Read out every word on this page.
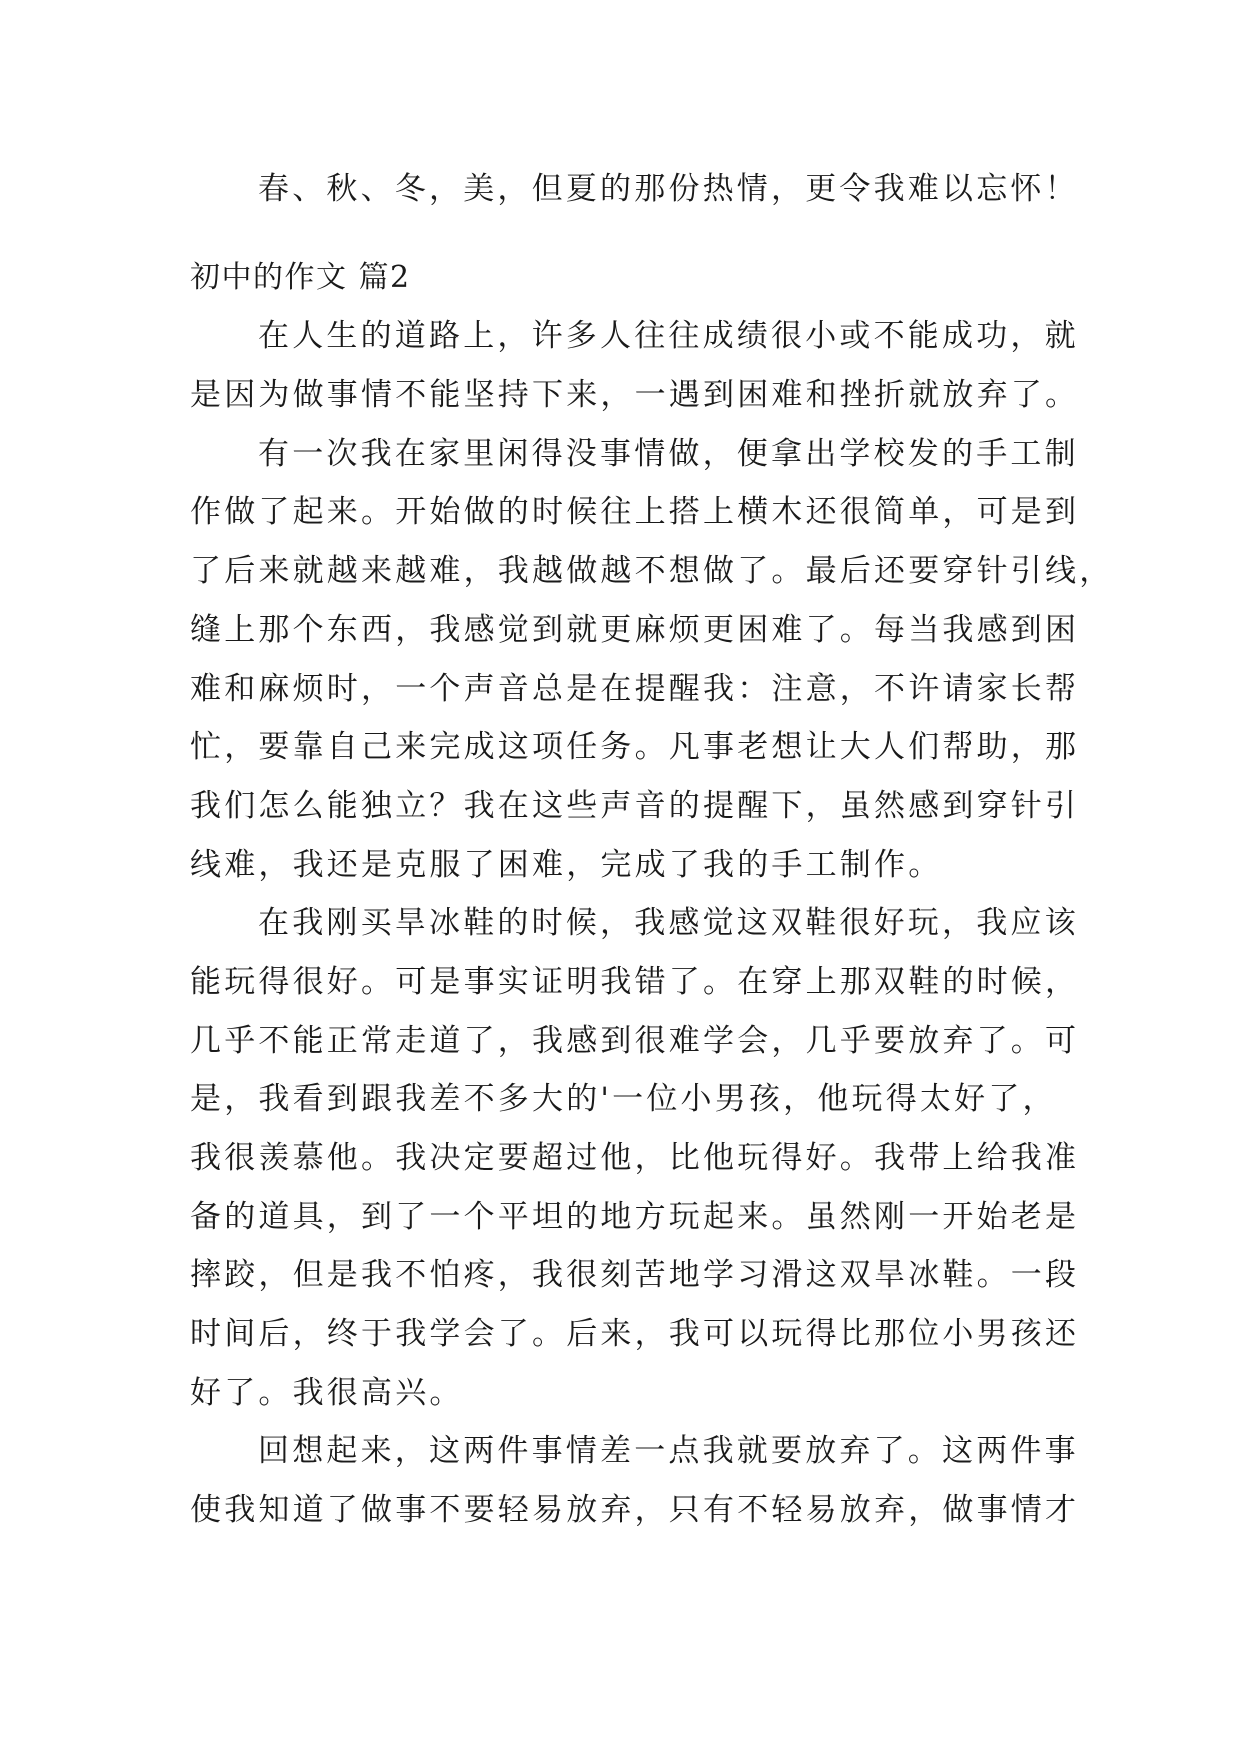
春、秋、冬，美，但夏的那份热情，更令我难以忘怀！
初中的作文 篇2
在人生的道路上，许多人往往成绩很小或不能成功，就
是因为做事情不能坚持下来，一遇到困难和挫折就放弃了。
有一次我在家里闲得没事情做，便拿出学校发的手工制
作做了起来。开始做的时候往上搭上横木还很简单，可是到
了后来就越来越难，我越做越不想做了。最后还要穿针引线，
缝上那个东西，我感觉到就更麻烦更困难了。每当我感到困
难和麻烦时，一个声音总是在提醒我：注意，不许请家长帮
忙，要靠自己来完成这项任务。凡事老想让大人们帮助，那
我们怎么能独立？我在这些声音的提醒下，虽然感到穿针引
线难，我还是克服了困难，完成了我的手工制作。
在我刚买旱冰鞋的时候，我感觉这双鞋很好玩，我应该
能玩得很好。可是事实证明我错了。在穿上那双鞋的时候，
几乎不能正常走道了，我感到很难学会，几乎要放弃了。可
是，我看到跟我差不多大的'一位小男孩，他玩得太好了，
我很羡慕他。我决定要超过他，比他玩得好。我带上给我准
备的道具，到了一个平坦的地方玩起来。虽然刚一开始老是
摔跤，但是我不怕疼，我很刻苦地学习滑这双旱冰鞋。一段
时间后，终于我学会了。后来，我可以玩得比那位小男孩还
好了。我很高兴。
回想起来，这两件事情差一点我就要放弃了。这两件事
使我知道了做事不要轻易放弃，只有不轻易放弃，做事情才
